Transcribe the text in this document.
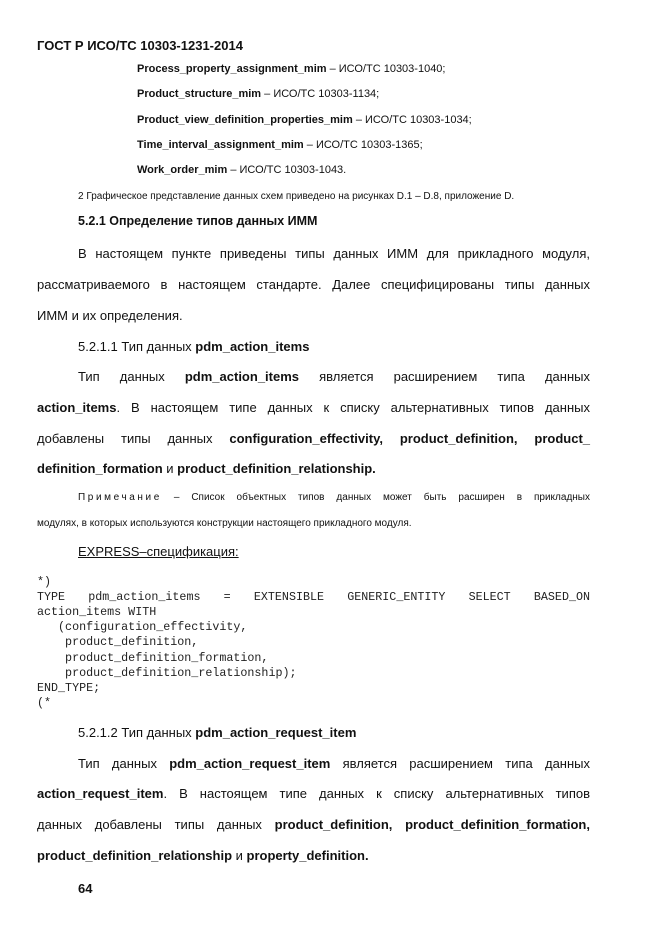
ГОСТ Р ИСО/ТС 10303-1231-2014
Process_property_assignment_mim – ИСО/ТС 10303-1040;
Product_structure_mim – ИСО/ТС 10303-1134;
Product_view_definition_properties_mim – ИСО/ТС 10303-1034;
Time_interval_assignment_mim – ИСО/ТС 10303-1365;
Work_order_mim – ИСО/ТС 10303-1043.
2 Графическое представление данных схем приведено на рисунках D.1 – D.8, приложение D.
5.2.1 Определение типов данных ИММ
В настоящем пункте приведены типы данных ИММ для прикладного модуля,
рассматриваемого в настоящем стандарте. Далее специфицированы типы данных
ИММ и их определения.
5.2.1.1 Тип данных pdm_action_items
Тип данных pdm_action_items является расширением типа данных
action_items. В настоящем типе данных к списку альтернативных типов данных
добавлены типы данных configuration_effectivity, product_definition, product_
definition_formation и product_definition_relationship.
Примечание – Список объектных типов данных может быть расширен в прикладных
модулях, в которых используются конструкции настоящего прикладного модуля.
EXPRESS–спецификация:
*)
TYPE pdm_action_items = EXTENSIBLE GENERIC_ENTITY SELECT BASED_ON
action_items WITH
(configuration_effectivity,
product_definition,
product_definition_formation,
product_definition_relationship);
END_TYPE;
(*
5.2.1.2 Тип данных pdm_action_request_item
Тип данных pdm_action_request_item является расширением типа данных
action_request_item. В настоящем типе данных к списку альтернативных типов
данных добавлены типы данных product_definition, product_definition_formation,
product_definition_relationship и property_definition.
64
